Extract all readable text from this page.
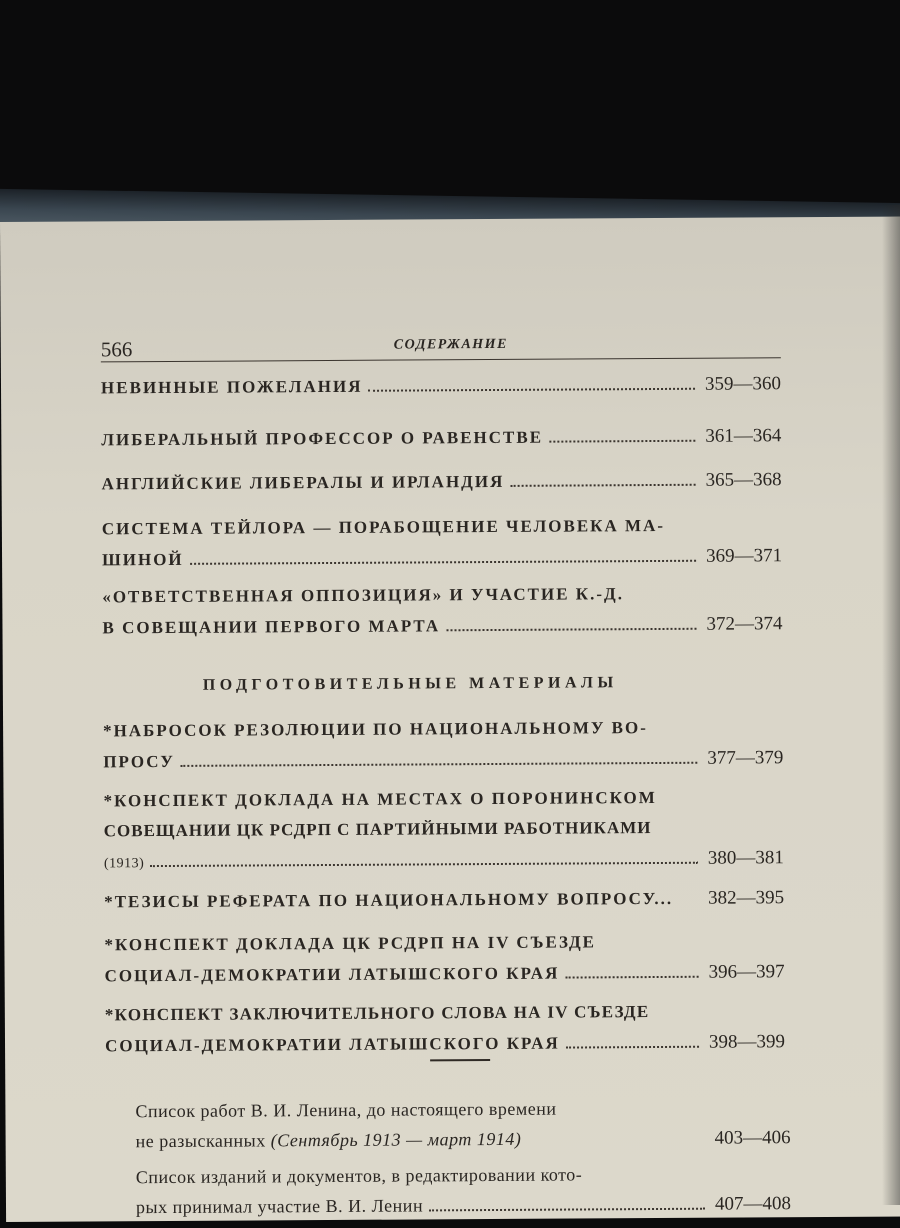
566	СОДЕРЖАНИЕ
НЕВИННЫЕ ПОЖЕЛАНИЯ	359—360
ЛИБЕРАЛЬНЫЙ ПРОФЕССОР О РАВЕНСТВЕ	361—364
АНГЛИЙСКИЕ ЛИБЕРАЛЫ И ИРЛАНДИЯ	365—368
СИСТЕМА ТЕЙЛОРА — ПОРАБОЩЕНИЕ ЧЕЛОВЕКА МА-
ШИНОЙ	369—371
«ОТВЕТСТВЕННАЯ ОППОЗИЦИЯ» И УЧАСТИЕ К.-Д.
В СОВЕЩАНИИ ПЕРВОГО МАРТА	372—374
ПОДГОТОВИТЕЛЬНЫЕ МАТЕРИАЛЫ
*НАБРОСОК РЕЗОЛЮЦИИ ПО НАЦИОНАЛЬНОМУ ВО-
ПРОСУ	377—379
*КОНСПЕКТ ДОКЛАДА НА МЕСТАХ О ПОРОНИНСКОМ
СОВЕЩАНИИ ЦК РСДРП С ПАРТИЙНЫМИ РАБОТНИКАМИ
(1913)	380—381
*ТЕЗИСЫ РЕФЕРАТА ПО НАЦИОНАЛЬНОМУ ВОПРОСУ... 382—395
*КОНСПЕКТ ДОКЛАДА ЦК РСДРП НА IV СЪЕЗДЕ
СОЦИАЛ-ДЕМОКРАТИИ ЛАТЫШСКОГО КРАЯ	396—397
*КОНСПЕКТ ЗАКЛЮЧИТЕЛЬНОГО СЛОВА НА IV СЪЕЗДЕ
СОЦИАЛ-ДЕМОКРАТИИ ЛАТЫШСКОГО КРАЯ	398—399
Список работ В. И. Ленина, до настоящего времени
не разысканных (Сентябрь 1913 — март 1914)	403—406
Список изданий и документов, в редактировании кото-
рых принимал участие В. И. Ленин	407—408
